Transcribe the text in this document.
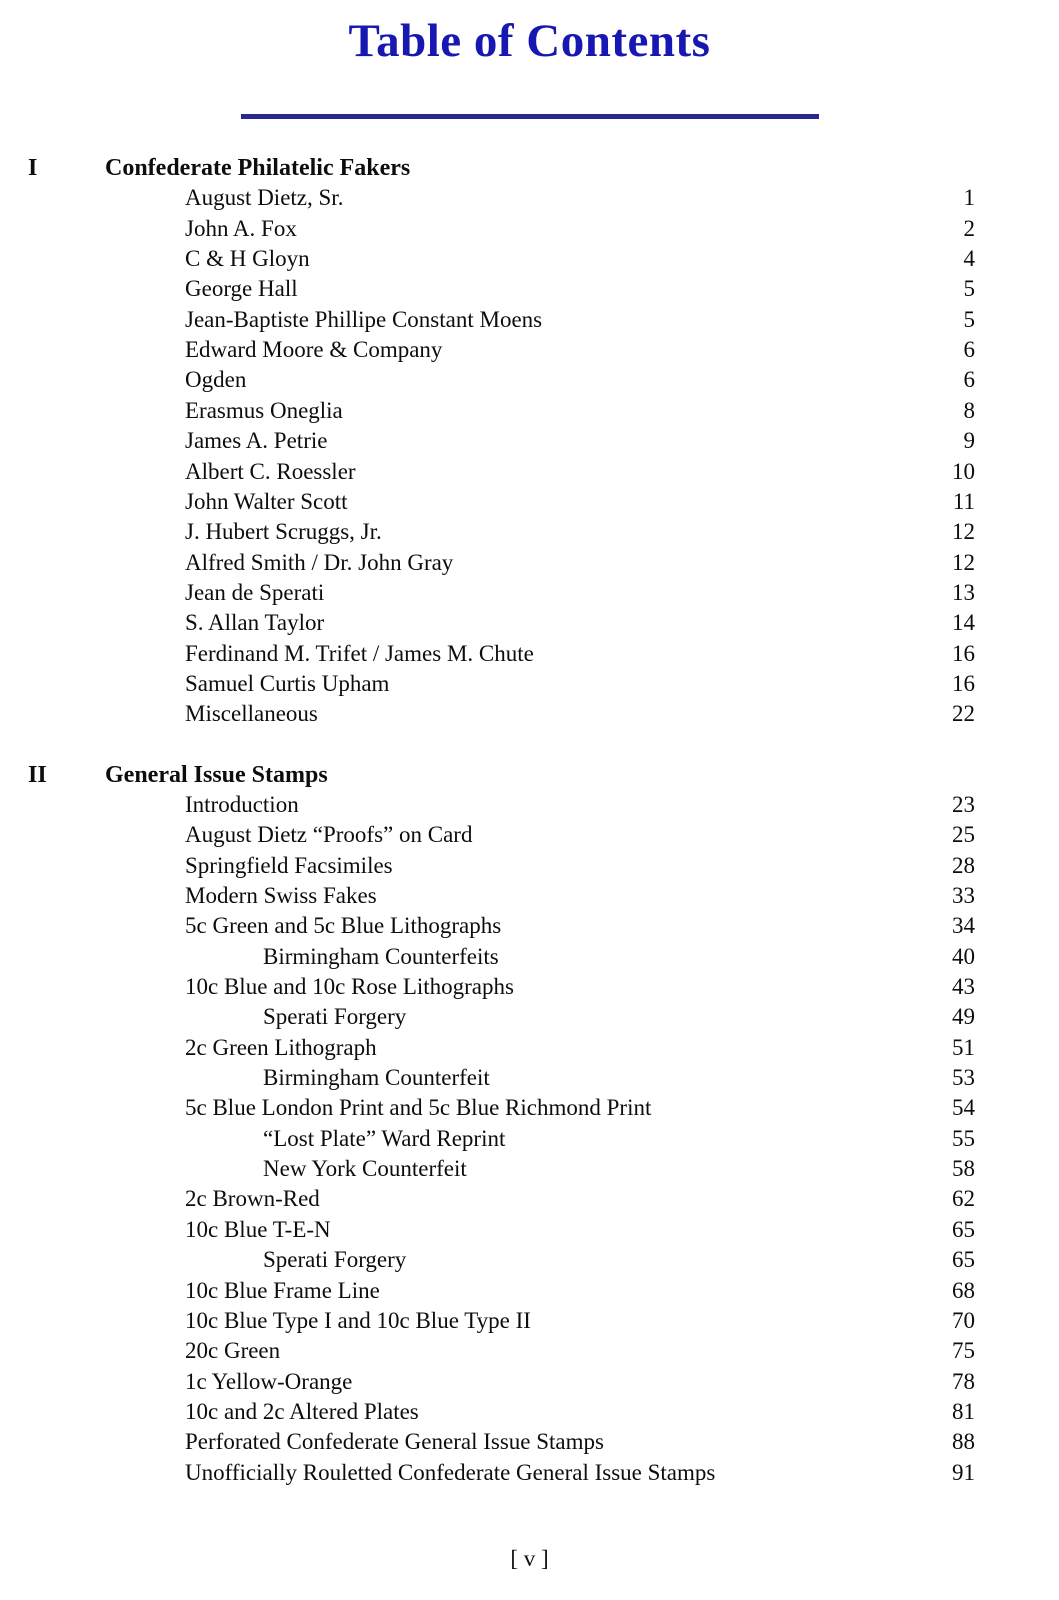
Table of Contents
I	Confederate Philatelic Fakers
August Dietz, Sr.	1
John A. Fox	2
C & H Gloyn	4
George Hall	5
Jean-Baptiste Phillipe Constant Moens	5
Edward Moore & Company	6
Ogden	6
Erasmus Oneglia	8
James A. Petrie	9
Albert C. Roessler	10
John Walter Scott	11
J. Hubert Scruggs, Jr.	12
Alfred Smith / Dr. John Gray	12
Jean de Sperati	13
S. Allan Taylor	14
Ferdinand M. Trifet / James M. Chute	16
Samuel Curtis Upham	16
Miscellaneous	22
II General Issue Stamps
Introduction	23
August Dietz “Proofs” on Card	25
Springfield Facsimiles	28
Modern Swiss Fakes	33
5c Green and 5c Blue Lithographs	34
Birmingham Counterfeits	40
10c Blue and 10c Rose Lithographs	43
Sperati Forgery	49
2c Green Lithograph	51
Birmingham Counterfeit	53
5c Blue London Print and 5c Blue Richmond Print	54
“Lost Plate” Ward Reprint	55
New York Counterfeit	58
2c Brown-Red	62
10c Blue T-E-N	65
Sperati Forgery	65
10c Blue Frame Line	68
10c Blue Type I and 10c Blue Type II	70
20c Green	75
1c Yellow-Orange	78
10c and 2c Altered Plates	81
Perforated Confederate General Issue Stamps	88
Unofficially Rouletted Confederate General Issue Stamps	91
[ v ]
